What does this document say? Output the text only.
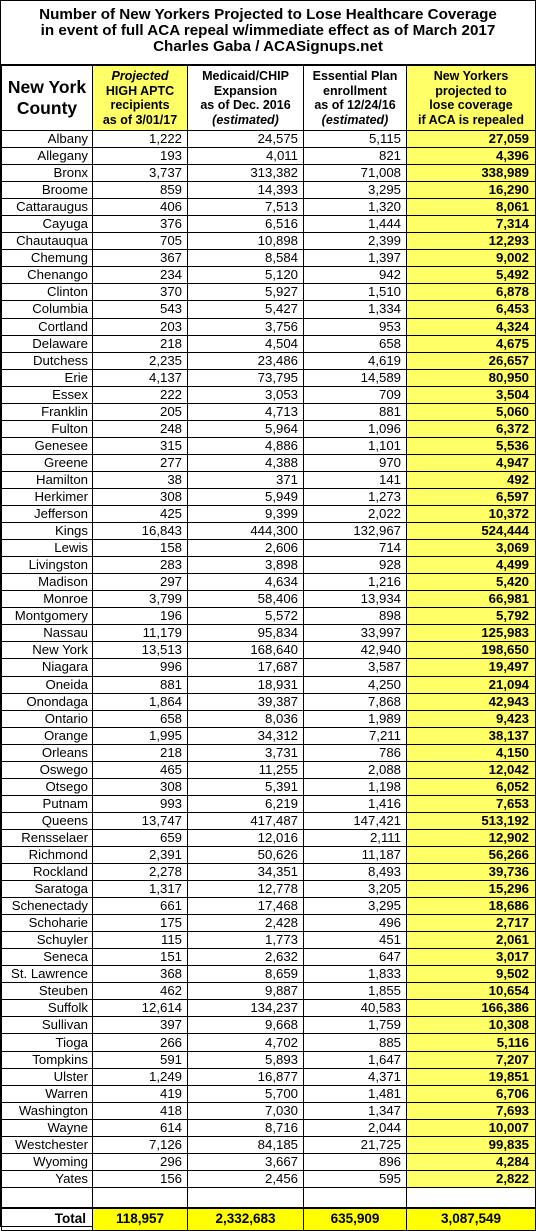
Number of New Yorkers Projected to Lose Healthcare Coverage
in event of full ACA repeal w/immediate effect as of March 2017
Charles Gaba / ACASignups.net
New York
County	Projected
HIGH APTC
recipients
as of 3/01/17	Medicaid/CHIP
Expansion
as of Dec. 2016
(estimated)	Essential Plan
enrollment
as of 12/24/16
(estimated)	New Yorkers
projected to
lose coverage
if ACA is repealed

Albany	1,222	24,575	5,115	27,059
Allegany	193	4,011	821	4,396
Bronx	3,737	313,382	71,008	338,989
Broome	859	14,393	3,295	16,290
Cattaraugus	406	7,513	1,320	8,061
Cayuga	376	6,516	1,444	7,314
Chautauqua	705	10,898	2,399	12,293
Chemung	367	8,584	1,397	9,002
Chenango	234	5,120	942	5,492
Clinton	370	5,927	1,510	6,878
Columbia	543	5,427	1,334	6,453
Cortland	203	3,756	953	4,324
Delaware	218	4,504	658	4,675
Dutchess	2,235	23,486	4,619	26,657
Erie	4,137	73,795	14,589	80,950
Essex	222	3,053	709	3,504
Franklin	205	4,713	881	5,060
Fulton	248	5,964	1,096	6,372
Genesee	315	4,886	1,101	5,536
Greene	277	4,388	970	4,947
Hamilton	38	371	141	492
Herkimer	308	5,949	1,273	6,597
Jefferson	425	9,399	2,022	10,372
Kings	16,843	444,300	132,967	524,444
Lewis	158	2,606	714	3,069
Livingston	283	3,898	928	4,499
Madison	297	4,634	1,216	5,420
Monroe	3,799	58,406	13,934	66,981
Montgomery	196	5,572	898	5,792
Nassau	11,179	95,834	33,997	125,983
New York	13,513	168,640	42,940	198,650
Niagara	996	17,687	3,587	19,497
Oneida	881	18,931	4,250	21,094
Onondaga	1,864	39,387	7,868	42,943
Ontario	658	8,036	1,989	9,423
Orange	1,995	34,312	7,211	38,137
Orleans	218	3,731	786	4,150
Oswego	465	11,255	2,088	12,042
Otsego	308	5,391	1,198	6,052
Putnam	993	6,219	1,416	7,653
Queens	13,747	417,487	147,421	513,192
Rensselaer	659	12,016	2,111	12,902
Richmond	2,391	50,626	11,187	56,266
Rockland	2,278	34,351	8,493	39,736
Saratoga	1,317	12,778	3,205	15,296
Schenectady	661	17,468	3,295	18,686
Schoharie	175	2,428	496	2,717
Schuyler	115	1,773	451	2,061
Seneca	151	2,632	647	3,017
St. Lawrence	368	8,659	1,833	9,502
Steuben	462	9,887	1,855	10,654
Suffolk	12,614	134,237	40,583	166,386
Sullivan	397	9,668	1,759	10,308
Tioga	266	4,702	885	5,116
Tompkins	591	5,893	1,647	7,207
Ulster	1,249	16,877	4,371	19,851
Warren	419	5,700	1,481	6,706
Washington	418	7,030	1,347	7,693
Wayne	614	8,716	2,044	10,007
Westchester	7,126	84,185	21,725	99,835
Wyoming	296	3,667	896	4,284
Yates	156	2,456	595	2,822

Total	118,957	2,332,683	635,909	3,087,549
